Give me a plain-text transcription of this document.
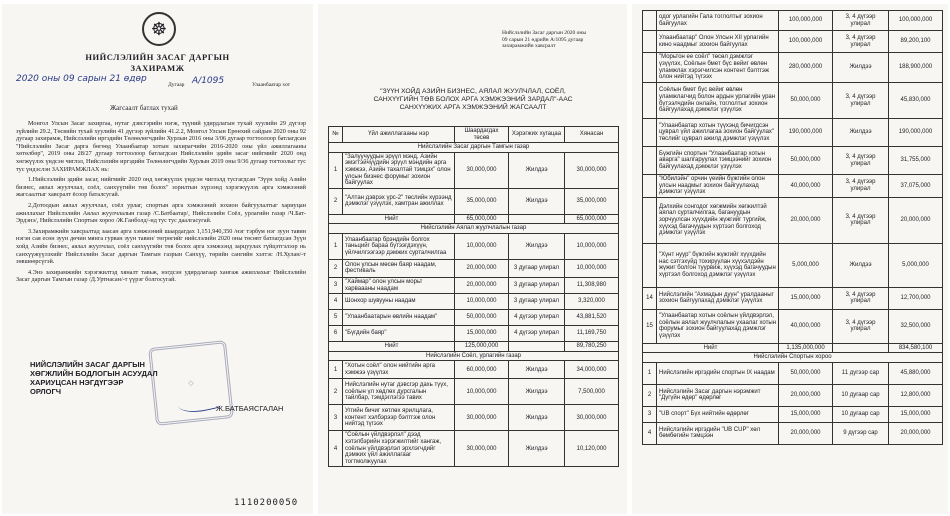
☸
НИЙСЛЭЛИЙН ЗАСАГ ДАРГЫН
ЗАХИРАМЖ
2020 оны 09 сарын 21 өдөр
Дугаар А/1095	Улаанбаатар хот
Жагсаалт батлах тухай

Монгол Улсын Засаг захиргаа, нутаг дэвсгэрийн нэгж, түүний удирдлагын тухай хуулийн 29 дүгээр зүйлийн 29.2, Төсвийн тухай хуулийн 41 дүгээр зүйлийн 41.2.2, Монгол Улсын Ерөнхий сайдын 2020 оны 92 дугаар захирамж, Нийслэлийн иргэдийн Төлөөлөгчдийн Хурлын 2016 оны 3/06 дугаар тогтоолоор батлагдсан "Нийслэлийн Засаг дарга бөгөөд Улаанбаатар хотын захирагчийн 2016-2020 оны үйл ажиллагааны хөтөлбөр", 2019 оны 28/27 дугаар тогтоолоор батлагдсан Нийслэлийн эдийн засаг нийгмийг 2020 онд хөгжүүлэх үндсэн чиглэл, Нийслэлийн иргэдийн Төлөөлөгчдийн Хурлын 2019 оны 9/36 дугаар тогтоолыг тус тус үндэслэн ЗАХИРАМЖЛАХ нь:

1.Нийслэлийн эдийн засаг, нийгмийг 2020 онд хөгжүүлэх үндсэн чиглэлд тусгагдсан "Зүүн хойд Азийн бизнес, аялал жуулчлал, соёл, санхүүгийн төв болох" зорилтын хүрээнд хэрэгжүүлэх арга хэмжээний жагсаалтыг хавсралт ёсоор баталсугай.

2.Дотоодын аялал жуулчлал, соёл урлаг, спортын арга хэмжээний зохион байгуулалтыг хариуцан ажиллахыг Нийслэлийн Аялал жуулчлалын газар /С.Батбаатар/, Нийслэлийн Соёл, урлагийн газар /Ч.Бат-Эрдэнэ/, Нийслэлийн Спортын хороо /Ж.Ганболд/-нд тус тус даалгасугай.

3.Захирамжийн хавсралтад заасан арга хэмжээний шаардагдах 1,151,940,350 /нэг тэрбум нэг зуун тавин нэгэн сая есөн зуун дөчин мянга гурван зуун тавин/ төгрөгийг нийслэлийн 2020 оны төсөвт батлагдсан Зүүн хойд Азийн бизнес, аялал жуулчлал, соёл санхүүгийн төв болох арга хэмжээнд зарцуулах гүйцэтгэлээр нь санхүүжүүлэхийг Нийслэлийн Засаг даргын Тамгын газрын Санхүү, төрийн сангийн хэлтэс /Н.Хулан/-т зөвшөөрсүгэй.

4.Энэ захирамжийн хэрэгжилтэд хяналт тавьж, нэгдсэн удирдлагаар хангаж ажиллахыг Нийслэлийн Засаг даргын Тамгын газар /Д.Уртнасан/-т үүрэг болгосугай.

◇
НИЙСЛЭЛИЙН ЗАСАГ ДАРГЫН
ХӨГЖЛИЙН БОДЛОГЫН АСУУДАЛ
ХАРИУЦСАН НЭГДҮГЭЭР
ОРЛОГЧ
Ж.БАТБАЯСГАЛАН
1110200050
Нийслэлийн Засаг даргын 2020 оны
09 сарын 21 өдрийн А/1095 дугаар
захирамжийн хавсралт
"ЗҮҮН ХОЙД АЗИЙН БИЗНЕС, АЯЛАЛ ЖУУЛЧЛАЛ, СОЁЛ,
САНХҮҮГИЙН ТӨВ БОЛОХ АРГА ХЭМЖЭЭНИЙ ЗАРДАЛ"-ААС
САНХҮҮЖИХ АРГА ХЭМЖЭЭНИЙ ЖАГСААЛТ
№	Үйл ажиллагааны нэр	Шаардагдах төсөв	Хэрэгжих хугацаа	Хянасан
Нийслэлийн Засаг даргын Тамгын газар				
1	"Залуучуудын эрүүл мэнд, Азийн эмэгтэйчүүдийн эрүүл мэндийн арга хэмжээ, Азийн тахалтай тэмцэх" олон улсын бизнес форумыг зохион байгуулах	30,000,000	Жилдээ	30,000,000
2	"Алтан дэврэх үрс-2" төслийн хүрээнд дэмжлэг үзүүлэх, хамтран ажиллах	35,000,000	Жилдээ	35,000,000
Нийт		65,000,000		65,000,000
Нийслэлийн Аялал жуулчлалын газар				
1	Улаанбаатар брэндийн болгох таньцийг бараа бүтээгдэхүүн, үйлчилгээгээр дэмжих сурталчилгаа	10,000,000	Жилдээ	10,000,000
2	Олон улсын мөсөн баяр наадам, фестиваль	20,000,000	3 дугаар улирал	10,000,000
3	"Хаймар" олон улсын морьт харваааны наадам	20,000,000	3 дугаар улирал	11,308,980
4	Шонхор шувууны наадам	10,000,000	3 дугаар улирал	3,320,000
5	"Улаанбаатарын өвлийн наадам"	50,000,000	4 дүгээр улирал	43,881,520
6	"Бүгдийн баяр"	15,000,000	4 дүгээр улирал	11,169,750
Нийт		125,000,000		89,780,250
Нийслэлийн Соёл, урлагийн газар				
1	"Хотын соёл" олон нийтийн арга хэмжээ үзүүлэх	60,000,000	Жилдээ	34,000,000
2	Нийслэлийн нутаг дэвсгэр дахь түүх, соёлын үл хөдлөх дурсгалын тайлбар, тэмдэглэгээ тавих	10,000,000	Жилдээ	7,500,000
3	Уггийн бичиг хөтлөх ярилцлага, контент хэлбэрээр бэлтгэж олон нийтэд түгээх	30,000,000	Жилдээ	30,000,000
4	"Соёлын үйлдвэрлэл" дээд хэтэлбэрийн хэрэгжилтийг хангаж, соёлын үйлдвэрлэл эрхлэгчдийг дэмжих үйл ажиллагааг тогтмолжуулах	30,000,000	Жилдээ	10,120,000
	одог урлагийн Гала тоглолтыг зохион байгуулах	100,000,000	3, 4 дүгээр улирал	100,000,000
	Улаанбаатар" Олон Улсын XII урлагийн кино наадмыг зохион байгуулах	100,000,000	3, 4 дүгээр улирал	89,200,100
	"Морьтон ее соёл" төсөл дэмжлэг үзүүлэх, Соёлын бмет бүс вейиг өвлөн уламжлах хэрэгчилсэн контент бэлтгэж олон нийтэд түгээх	280,000,000	Жилдээ	188,900,000
	Соёлын бмет бүс вейиг өвлөн уламжлагчид болон ардын урлагийн уран бүтээлчдийн онлайн, тоглолтыг зохион байгуулахад дэмжлэг үзүүлэх	50,000,000	3, 4 дүгээр улирал	45,830,000
	"Улаанбаатар хотын түүхэнд бичигдсэн цуврал үйл ажиллагаа зохион байгуулах" төслийг цуврал ажилд дэмжлэг үзүүлэх	190,000,000	Жилдээ	190,000,000
	Бүжгийн спортын "Улаанбаатар хотын аварга" шалгаруулах тэмцээнийг зохион байгуулахад дэмжлэг үзүүлэх	50,000,000	3, 4 дүгээр улирал	31,755,000
	"Юбилэйн" орчин үеийн бүжгийн олон улсын наадмыг зохион байгуулахад дэмжлэг үзүүлэх	40,000,000	3, 4 дүгээр улирал	37,075,000
	Дэлхийн сонгодог хөгжмийн хөгжилтэй аялал сурталчилгаа, багануудын зорчуулсан хүүхдийн жүжгийг тургийж, хүүхэд багачуудын хүртээл болгоход дэмжлэг үзүүлэх	20,000,000	3, 4 дүгээр улирал	20,000,000
	"Хүнт нуур" бүжгийн жүжгийг хүүхдийн нас сэтгэхүйд тохируулан хүүхэлдэйн жүжиг болгон туурвиж, хүүхэд багачуудын хүртээл болгоход дэмжлэг үзүүлэх	5,000,000	Жилдээ	5,000,000
14	Нийслэлийн "Ахмадын дуун" уралдааныг зохион байгуулахад дэмжлэг үзүүлэх	15,000,000	3, 4 дүгээр улирал	12,700,000
15	"Улаанбаатар хотын соёлын үйлдвэрлэл, соёлын аялал жуулчлалын ухаалаг хотын форумыг зохион байгуулахад дэмжлэг үзүүлэх	40,000,000	3, 4 дүгээр улирал	32,500,000
Нийт		1,135,000,000		834,580,100
Нийслэлийн Спортын хороо				
1	Нийслэлийн иргэдийн спортын IX наадам	50,000,000	11 дүгээр сар	45,880,000
2	Нийслэлийн Засаг даргын нэрэмжит "Дүгүйн өдөр" өдөрлөг	20,000,000	10 дугаар сар	12,800,000
3	"UB спорт" Бүх нийтийн өдөрлөг	15,000,000	10 дугаар сар	15,000,000
4	Нийслэлийн иргэдийн "UB CUP" хөл бөмбөгийн тэмцээн	20,000,000	9 дүгээр сар	20,000,000
